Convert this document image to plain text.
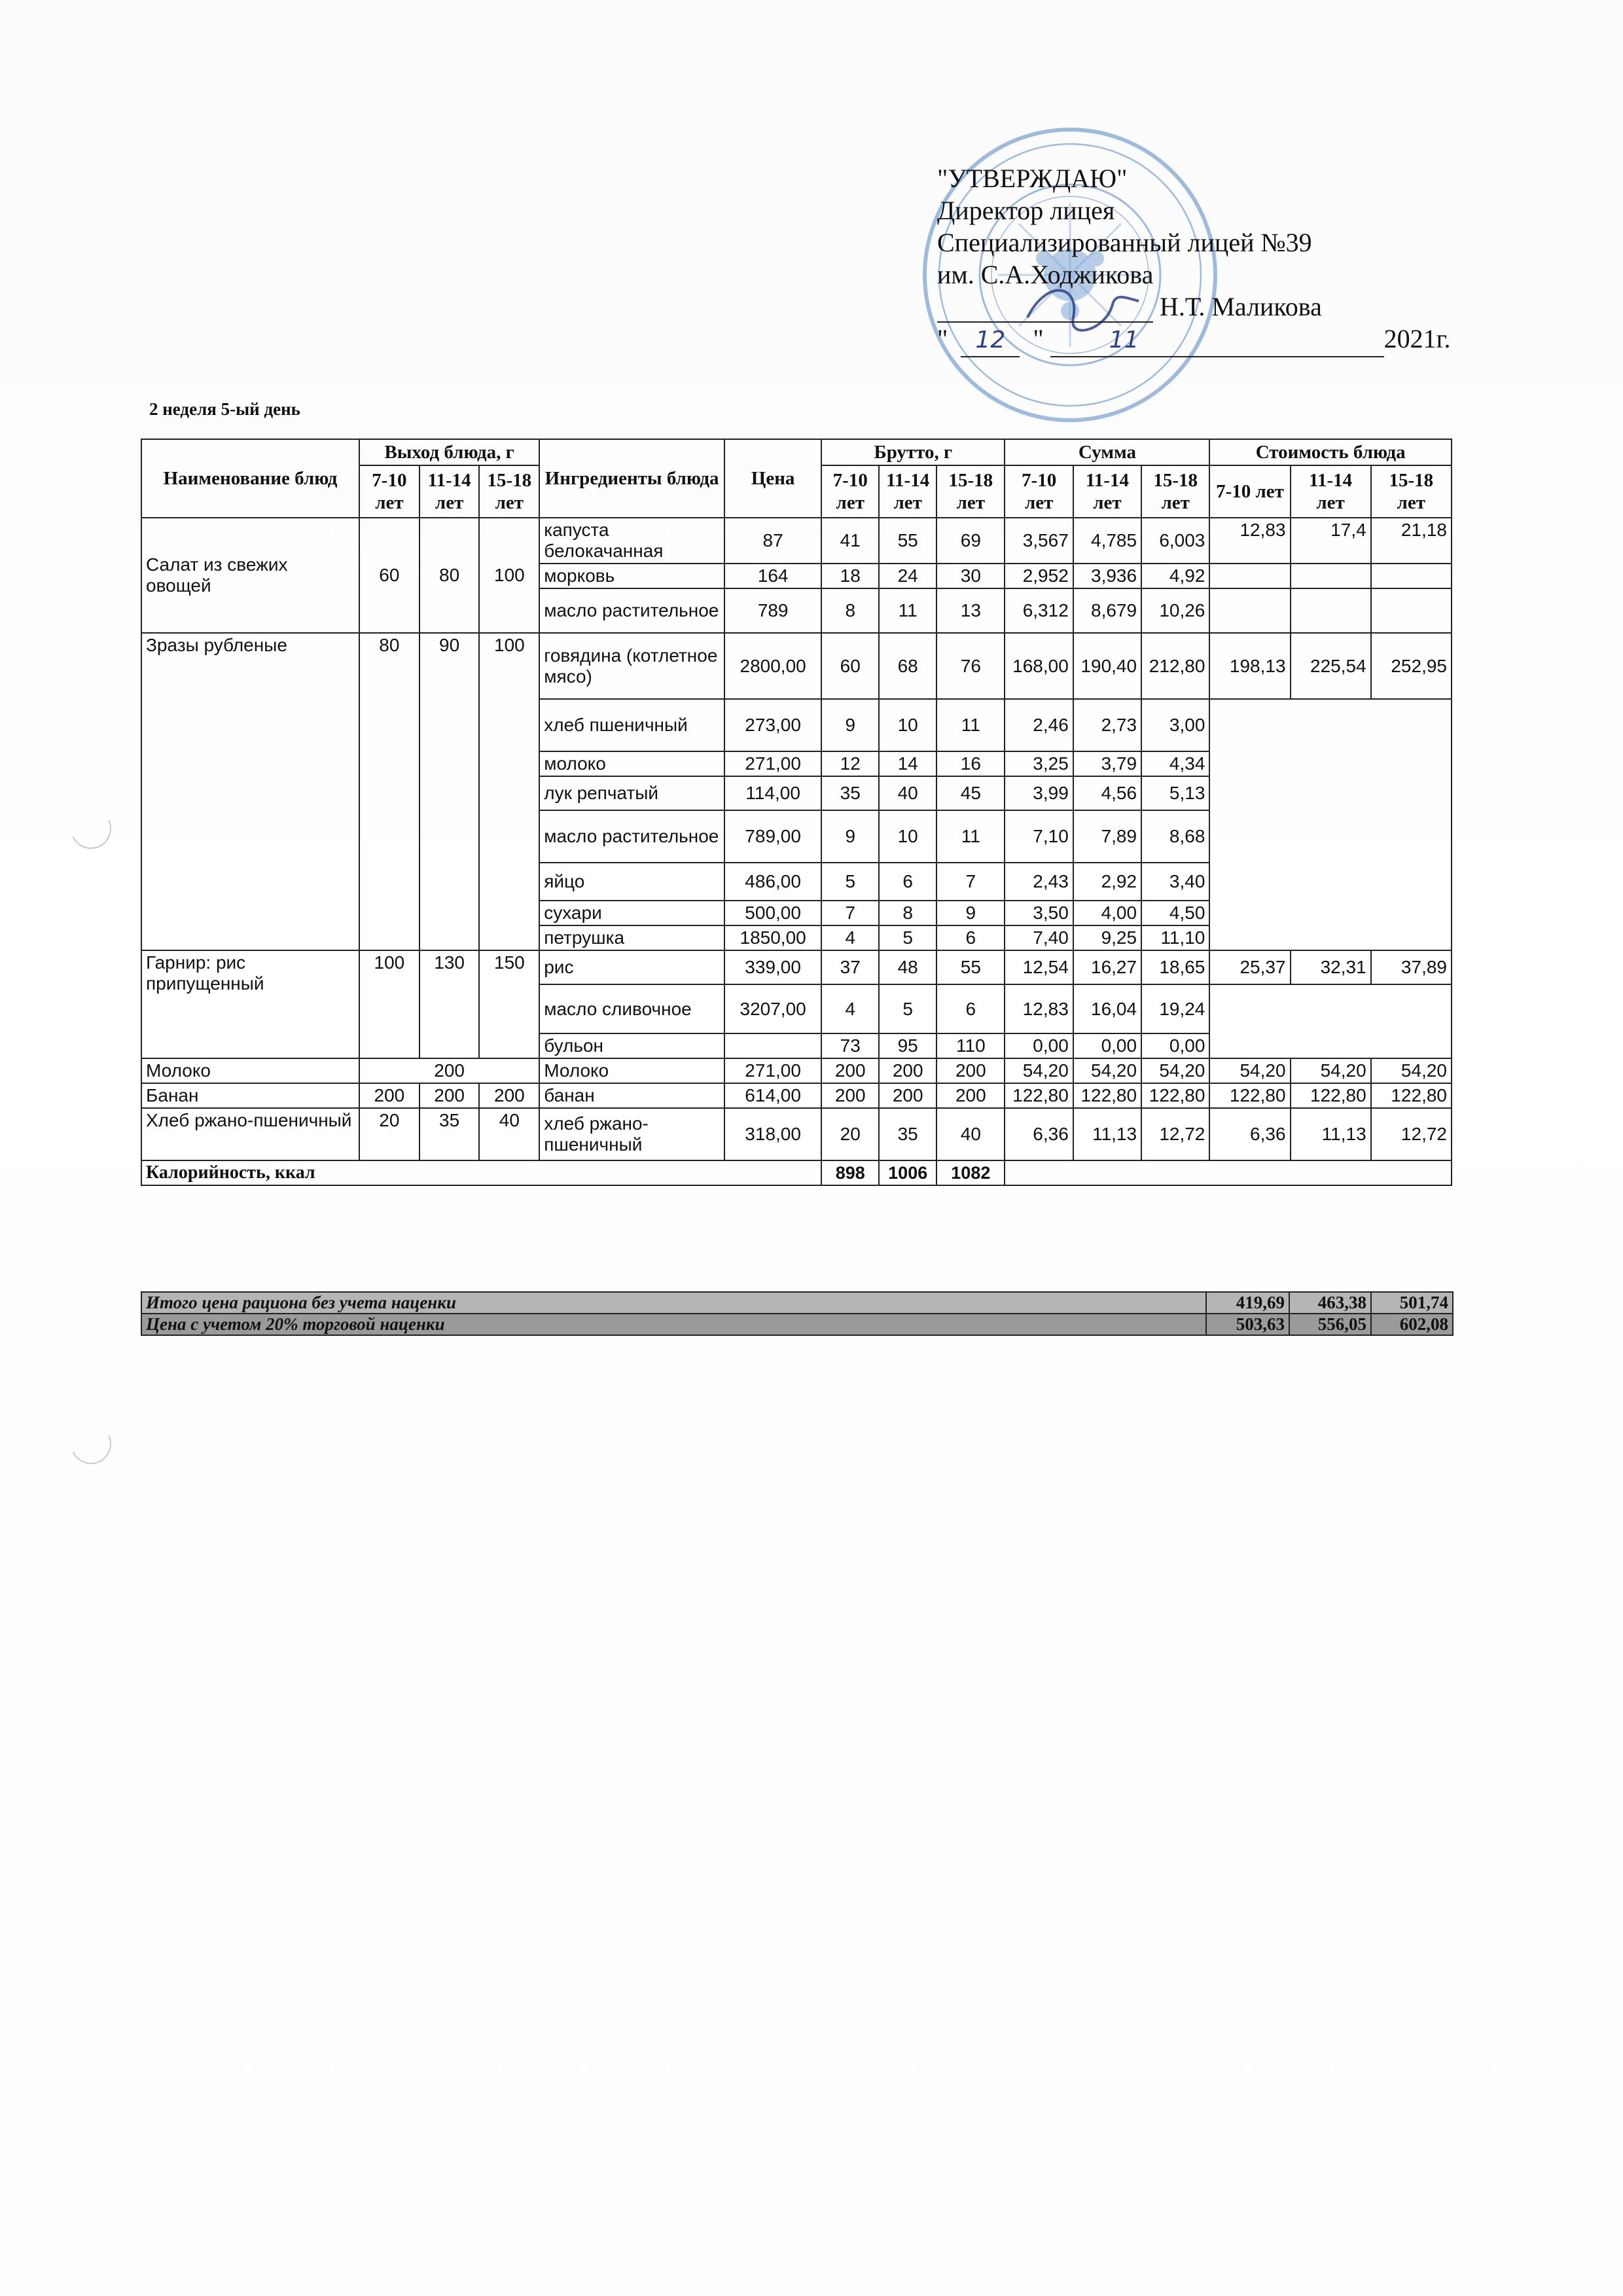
"УТВЕРЖДАЮ"
Директор лицея
Специализированный лицей №39
им. С.А.Ходжикова
Н.Т. Маликова
"  12  "	11	2021г.
2 неделя 5-ый день
Наименование блюд	Выход блюда, г			Ингредиенты блюда	Цена	Брутто, г			Сумма			Стоимость блюда		
	7-10 лет	11-14 лет	15-18 лет			7-10 лет	11-14 лет	15-18 лет	7-10 лет	11-14 лет	15-18 лет	7-10 лет	11-14 лет	15-18 лет
Салат из свежих овощей	60	80	100	капуста белокачанная	87	41	55	69	3,567	4,785	6,003	12,83	17,4	21,18
				морковь	164	18	24	30	2,952	3,936	4,92			
				масло растительное	789	8	11	13	6,312	8,679	10,26			
Зразы рубленые	80	90	100	говядина (котлетное мясо)	2800,00	60	68	76	168,00	190,40	212,80	198,13	225,54	252,95
				хлеб пшеничный	273,00	9	10	11	2,46	2,73	3,00			
				молоко	271,00	12	14	16	3,25	3,79	4,34			
				лук репчатый	114,00	35	40	45	3,99	4,56	5,13			
				масло растительное	789,00	9	10	11	7,10	7,89	8,68			
				яйцо	486,00	5	6	7	2,43	2,92	3,40			
				сухари	500,00	7	8	9	3,50	4,00	4,50			
				петрушка	1850,00	4	5	6	7,40	9,25	11,10			
Гарнир: рис припущенный	100	130	150	рис	339,00	37	48	55	12,54	16,27	18,65	25,37	32,31	37,89
				масло сливочное	3207,00	4	5	6	12,83	16,04	19,24			
				бульон		73	95	110	0,00	0,00	0,00			
Молоко	200			Молоко	271,00	200	200	200	54,20	54,20	54,20	54,20	54,20	54,20
Банан	200	200	200	банан	614,00	200	200	200	122,80	122,80	122,80	122,80	122,80	122,80
Хлеб ржано-пшеничный	20	35	40	хлеб ржано-пшеничный	318,00	20	35	40	6,36	11,13	12,72	6,36	11,13	12,72
Калорийность, ккал						898	1006	1082						
Итого цена рациона без учета наценки	419,69	463,38	501,74
Цена с учетом 20% торговой наценки	503,63	556,05	602,08
